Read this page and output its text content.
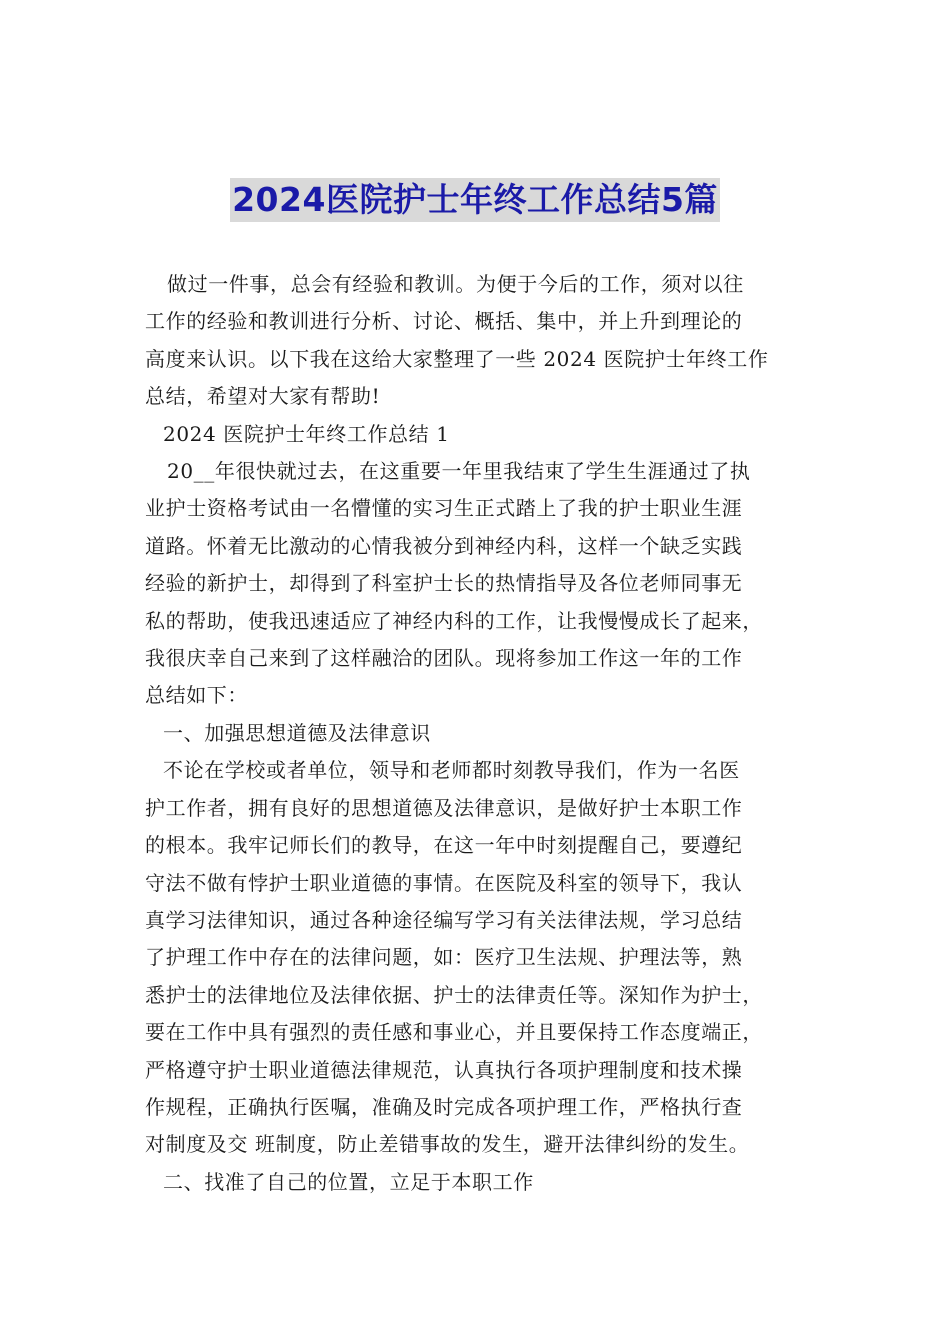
2024医院护士年终工作总结5篇

做过一件事，总会有经验和教训。为便于今后的工作，须对以往
工作的经验和教训进行分析、讨论、概括、集中，并上升到理论的
高度来认识。以下我在这给大家整理了一些 2024 医院护士年终工作
总结，希望对大家有帮助!

2024 医院护士年终工作总结 1

20__年很快就过去，在这重要一年里我结束了学生生涯通过了执
业护士资格考试由一名懵懂的实习生正式踏上了我的护士职业生涯
道路。怀着无比激动的心情我被分到神经内科，这样一个缺乏实践
经验的新护士，却得到了科室护士长的热情指导及各位老师同事无
私的帮助，使我迅速适应了神经内科的工作，让我慢慢成长了起来，
我很庆幸自己来到了这样融洽的团队。现将参加工作这一年的工作
总结如下：

一、加强思想道德及法律意识

不论在学校或者单位，领导和老师都时刻教导我们，作为一名医
护工作者，拥有良好的思想道德及法律意识，是做好护士本职工作
的根本。我牢记师长们的教导，在这一年中时刻提醒自己，要遵纪
守法不做有悖护士职业道德的事情。在医院及科室的领导下，我认
真学习法律知识，通过各种途径编写学习有关法律法规，学习总结
了护理工作中存在的法律问题，如：医疗卫生法规、护理法等，熟
悉护士的法律地位及法律依据、护士的法律责任等。深知作为护士，
要在工作中具有强烈的责任感和事业心，并且要保持工作态度端正，
严格遵守护士职业道德法律规范，认真执行各项护理制度和技术操
作规程，正确执行医嘱，准确及时完成各项护理工作，严格执行查
对制度及交 班制度，防止差错事故的发生，避开法律纠纷的发生。

二、找准了自己的位置，立足于本职工作
